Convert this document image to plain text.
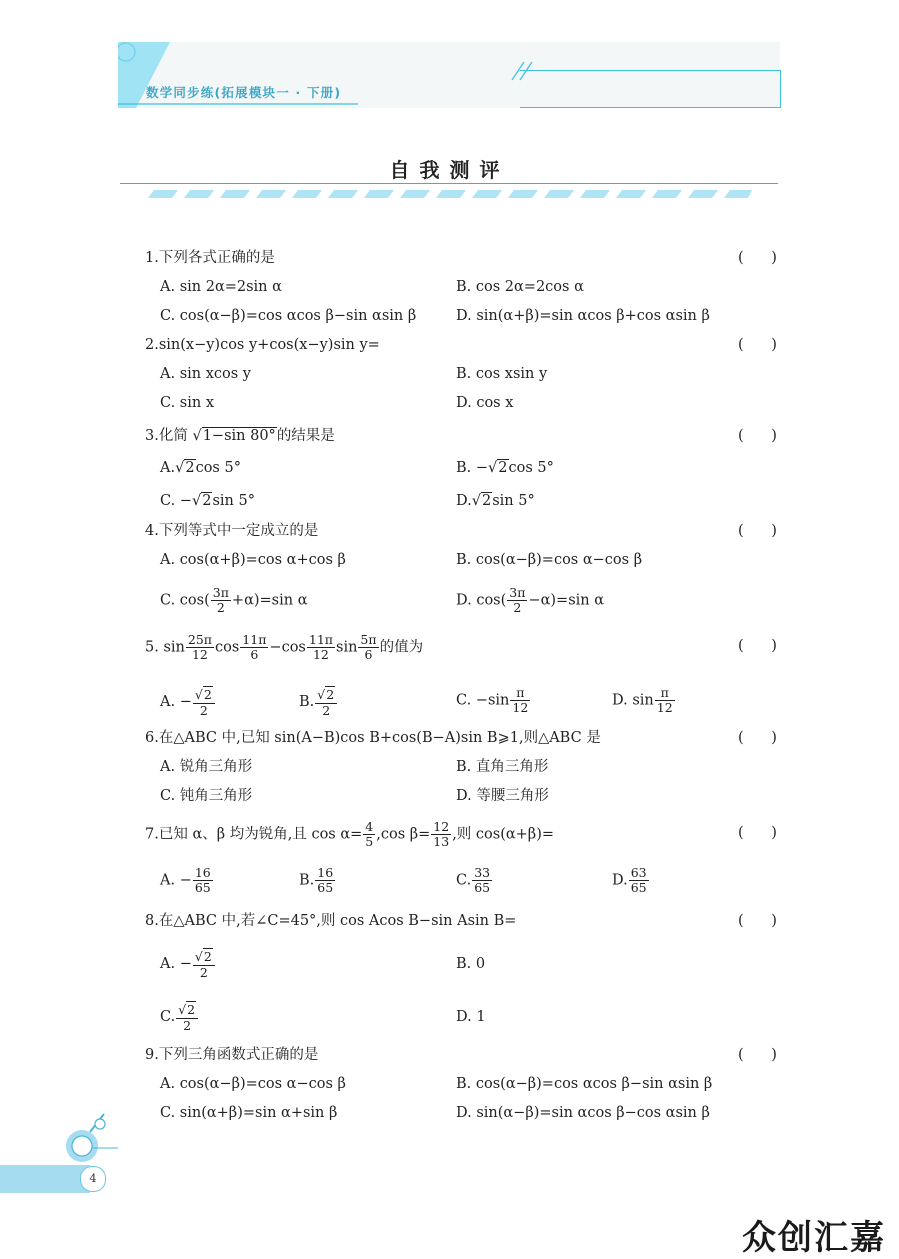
数学同步练(拓展模块一 · 下册)
自我测评
1.下列各式正确的是	(      )
A. sin 2α=2sin α	B. cos 2α=2cos α
C. cos(α−β)=cos αcos β−sin αsin β	D. sin(α+β)=sin αcos β+cos αsin β
2.sin(x−y)cos y+cos(x−y)sin y=	(      )
A. sin xcos y	B. cos xsin y
C. sin x	D. cos x
3.化简 √1−sin 80°的结果是	(      )
A.√2cos 5°	B. −√2cos 5°
C. −√2sin 5°	D.√2sin 5°
4.下列等式中一定成立的是	(      )
A. cos(α+β)=cos α+cos β	B. cos(α−β)=cos α−cos β
C. $\cos( \frac{3\pi}{2} +\alpha)=\sin$ α	D. $\cos( \frac{3\pi}{2} -\alpha)=\sin$ α
5. $\sin \frac{25\pi}{12}$ $\cos \frac{11\pi}{6} -\cos \frac{11\pi}{12}$ $\sin \frac{5\pi}{6}$ 的值为	(      )
A. − $\frac{√2}{2}$	B. $\frac{√2}{2}$	C. $-\sin \frac{\pi}{12}$	D. $\sin \frac{\pi}{12}$
6.在△ABC 中,已知 sin(A−B)cos B+cos(B−A)sin B⩾1,则△ABC 是	(      )
A. 锐角三角形	B. 直角三角形
C. 钝角三角形	D. 等腰三角形
7.已知 α、β 均为锐角,且 $\cos \alpha= \frac{4}{5} ,\cos$ $\beta= \frac{12}{13}$ ,则 cos(α+β)=	(      )
A. − $\frac{16}{65}$	B. $\frac{16}{65}$	C. $\frac{33}{65}$	D. $\frac{63}{65}$
8.在△ABC 中,若∠C=45°,则 cos Acos B−sin Asin B=	(      )
A. − $\frac{√2}{2}$	B. 0
C. $\frac{√2}{2}$	D. 1
9.下列三角函数式正确的是	(      )
A. cos(α−β)=cos α−cos β	B. cos(α−β)=cos αcos β−sin αsin β
C. sin(α+β)=sin α+sin β	D. sin(α−β)=sin αcos β−cos αsin β
4
众创汇嘉
